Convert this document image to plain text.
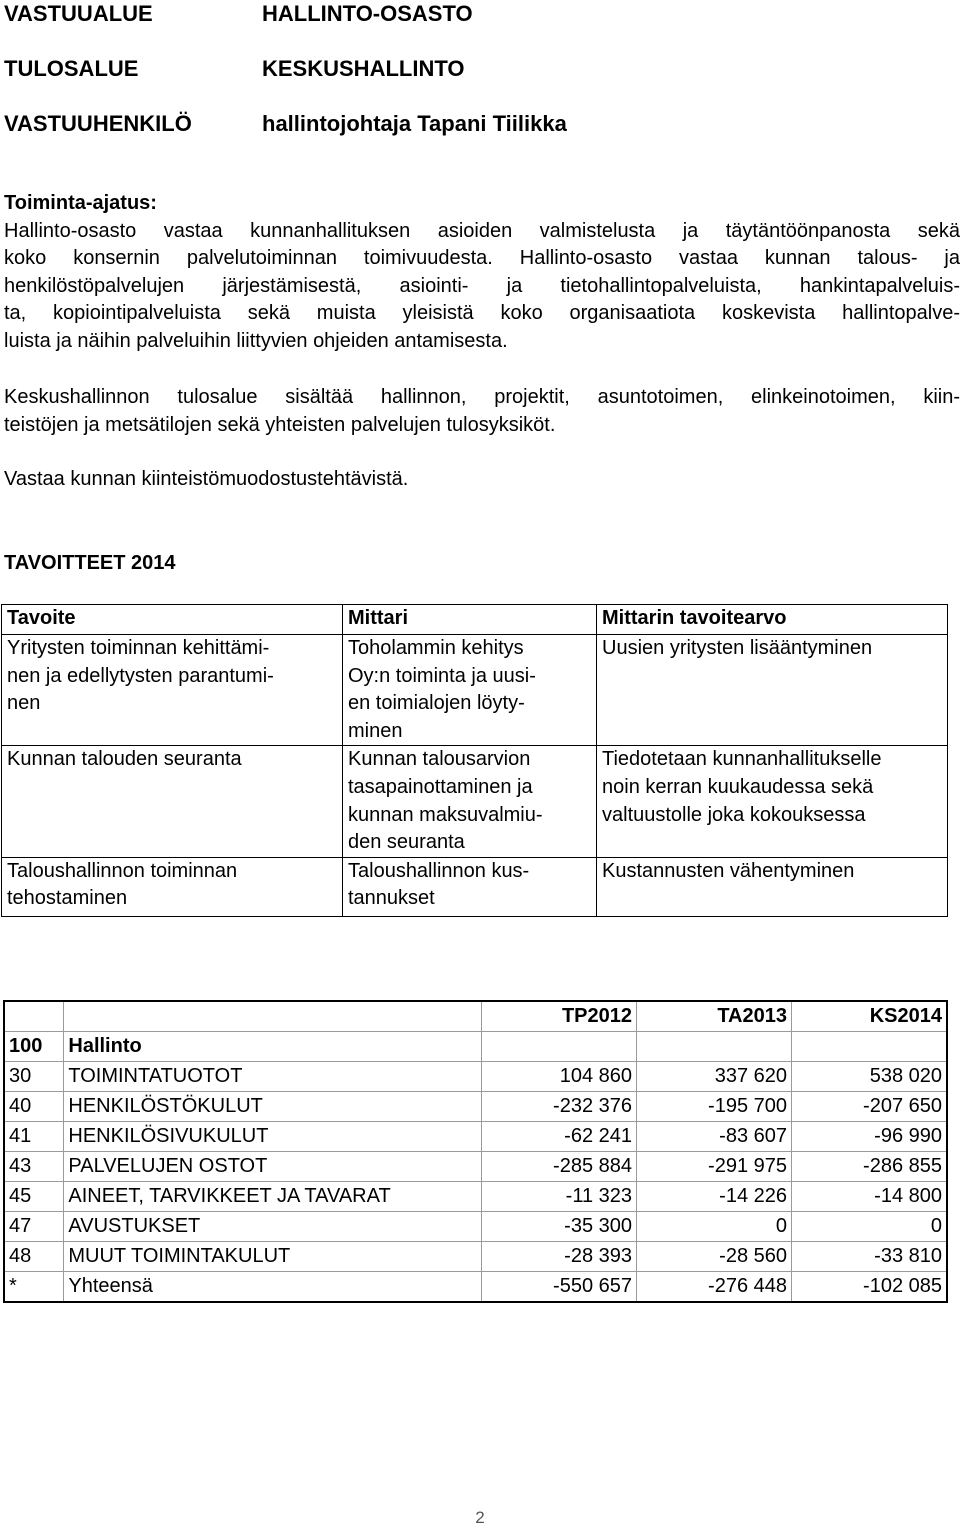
VASTUUALUE	HALLINTO-OSASTO
TULOSALUE	KESKUSHALLINTO
VASTUUHENKILÖ	hallintojohtaja Tapani Tiilikka
Toiminta-ajatus:
Hallinto-osasto vastaa kunnanhallituksen asioiden valmistelusta ja täytäntöönpanosta sekä
koko konsernin palvelutoiminnan toimivuudesta. Hallinto-osasto vastaa kunnan talous- ja
henkilöstöpalvelujen järjestämisestä, asiointi- ja tietohallintopalveluista, hankintapalveluis-
ta, kopiointipalveluista sekä muista yleisistä koko organisaatiota koskevista hallintopalve-
luista ja näihin palveluihin liittyvien ohjeiden antamisesta.
Keskushallinnon tulosalue sisältää hallinnon, projektit, asuntotoimen, elinkeinotoimen, kiin-
teistöjen ja metsätilojen sekä yhteisten palvelujen tulosyksiköt.
Vastaa kunnan kiinteistömuodostustehtävistä.
TAVOITTEET 2014
Tavoite	Mittari	Mittarin tavoitearvo

Yritysten toiminnan kehittämi-
nen ja edellytysten parantumi-
nen	Toholammin kehitys
Oy:n toiminta ja uusi-
en toimialojen löyty-
minen	Uusien yritysten lisääntyminen

Kunnan talouden seuranta	Kunnan talousarvion
tasapainottaminen ja
kunnan maksuvalmiu-
den seuranta	Tiedotetaan kunnanhallitukselle
noin kerran kuukaudessa sekä
valtuustolle joka kokouksessa

Taloushallinnon toiminnan
tehostaminen	Taloushallinnon kus-
tannukset	Kustannusten vähentyminen
		TP2012	TA2013	KS2014
100	Hallinto			
30	TOIMINTATUOTOT	104 860	337 620	538 020
40	HENKILÖSTÖKULUT	-232 376	-195 700	-207 650
41	HENKILÖSIVUKULUT	-62 241	-83 607	-96 990
43	PALVELUJEN OSTOT	-285 884	-291 975	-286 855
45	AINEET, TARVIKKEET JA TAVARAT	-11 323	-14 226	-14 800
47	AVUSTUKSET	-35 300	0	0
48	MUUT TOIMINTAKULUT	-28 393	-28 560	-33 810
*	Yhteensä	-550 657	-276 448	-102 085
2
